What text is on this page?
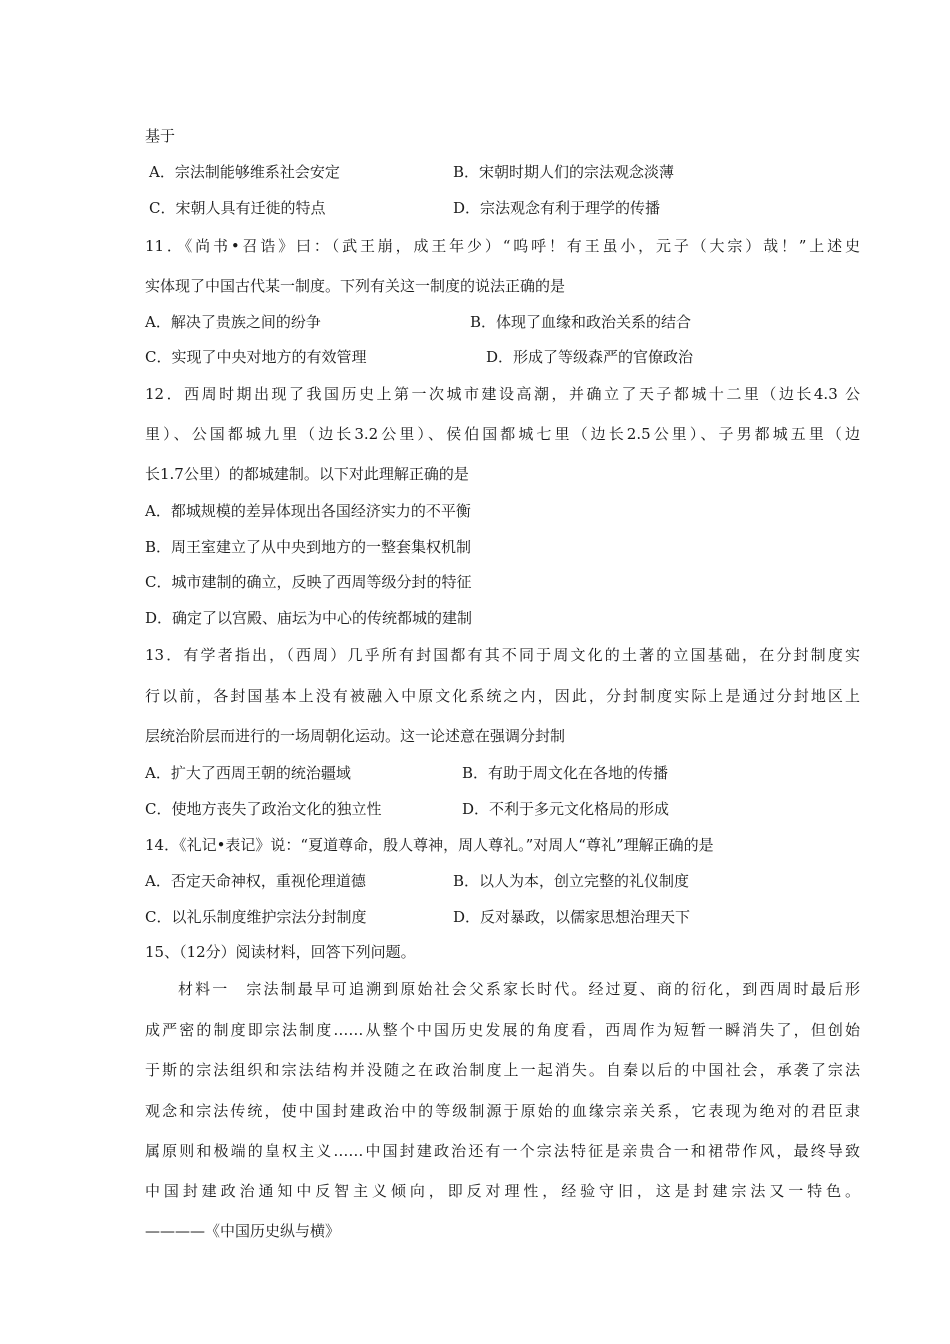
基于
A．宗法制能够维系社会安定	B．宋朝时期人们的宗法观念淡薄
C．宋朝人具有迁徙的特点	D．宗法观念有利于理学的传播
11．《尚书•召诰》曰：（武王崩，成王年少）“呜呼！有王虽小，元子（大宗）哉！”上述史
实体现了中国古代某一制度。下列有关这一制度的说法正确的是
A．解决了贵族之间的纷争	B．体现了血缘和政治关系的结合
C．实现了中央对地方的有效管理	D．形成了等级森严的官僚政治
12．西周时期出现了我国历史上第一次城市建设高潮，并确立了天子都城十二里（边长4.3 公
里）、公国都城九里（边长3.2公里）、侯伯国都城七里（边长2.5公里）、子男都城五里（边
长1.7公里）的都城建制。以下对此理解正确的是
A．都城规模的差异体现出各国经济实力的不平衡
B．周王室建立了从中央到地方的一整套集权机制
C．城市建制的确立，反映了西周等级分封的特征
D．确定了以宫殿、庙坛为中心的传统都城的建制
13．有学者指出，（西周）几乎所有封国都有其不同于周文化的土著的立国基础，在分封制度实
行以前，各封国基本上没有被融入中原文化系统之内，因此，分封制度实际上是通过分封地区上
层统治阶层而进行的一场周朝化运动。这一论述意在强调分封制
A．扩大了西周王朝的统治疆域	B．有助于周文化在各地的传播
C．使地方丧失了政治文化的独立性	D．不利于多元文化格局的形成
14．《礼记•表记》说：“夏道尊命，殷人尊神，周人尊礼。”对周人“尊礼”理解正确的是
A．否定天命神权，重视伦理道德	B．以人为本，创立完整的礼仪制度
C．以礼乐制度维护宗法分封制度	D．反对暴政，以儒家思想治理天下
15、（12分）阅读材料，回答下列问题。
材料一　宗法制最早可追溯到原始社会父系家长时代。经过夏、商的衍化，到西周时最后形
成严密的制度即宗法制度……从整个中国历史发展的角度看，西周作为短暂一瞬消失了，但创始
于斯的宗法组织和宗法结构并没随之在政治制度上一起消失。自秦以后的中国社会，承袭了宗法
观念和宗法传统，使中国封建政治中的等级制源于原始的血缘宗亲关系，它表现为绝对的君臣隶
属原则和极端的皇权主义……中国封建政治还有一个宗法特征是亲贵合一和裙带作风，最终导致
中国封建政治通知中反智主义倾向，即反对理性，经验守旧，这是封建宗法又一特色。
————《中国历史纵与横》
